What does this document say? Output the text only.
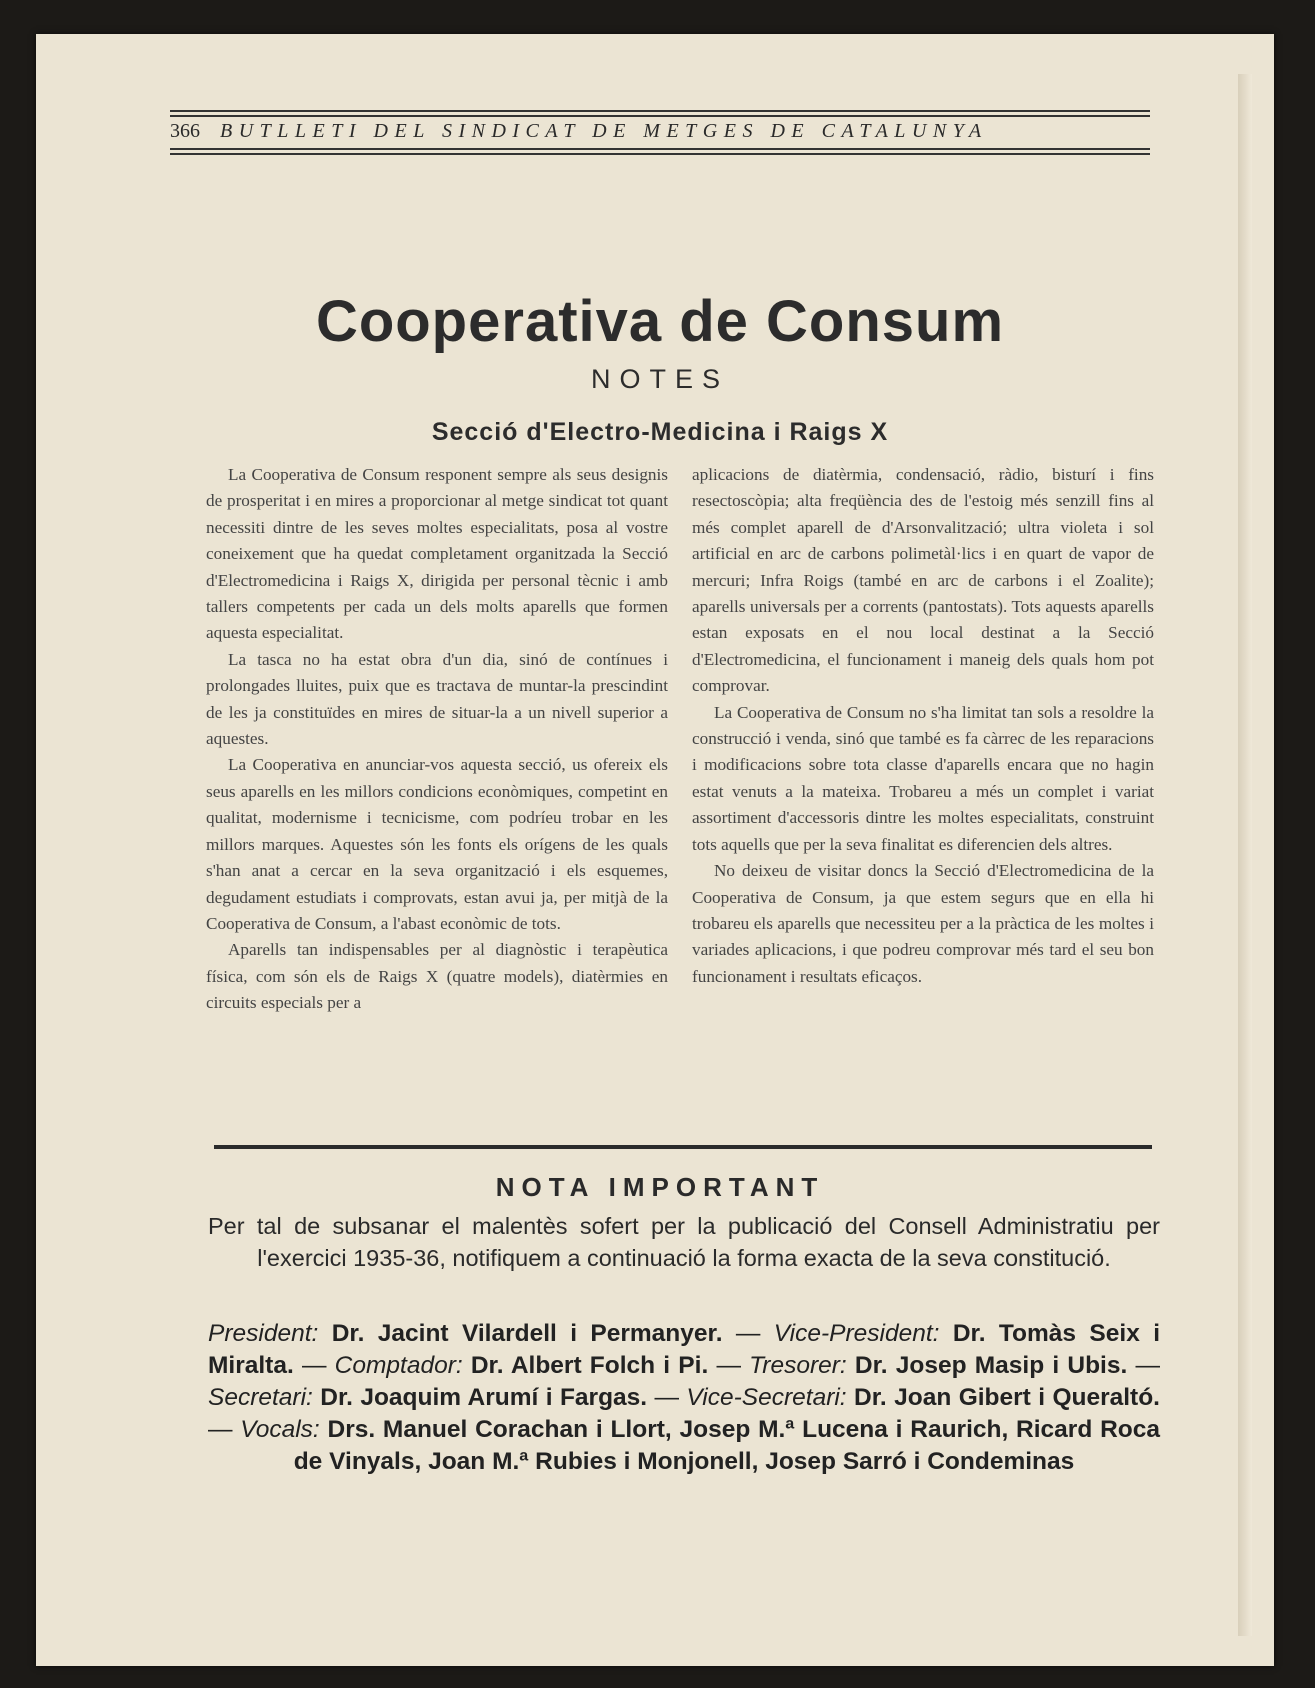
366	BUTLLETI DEL SINDICAT DE METGES DE CATALUNYA
Cooperativa de Consum
NOTES
Secció d'Electro-Medicina i Raigs X

La Cooperativa de Consum responent sempre als seus designis de prosperitat i en mires a proporcionar al metge sindicat tot quant necessiti dintre de les seves moltes especialitats, posa al vostre coneixement que ha quedat completament organitzada la Secció d'Electromedicina i Raigs X, dirigida per personal tècnic i amb tallers competents per cada un dels molts aparells que formen aquesta especialitat.

La tasca no ha estat obra d'un dia, sinó de contínues i prolongades lluites, puix que es tractava de muntar-la prescindint de les ja constituïdes en mires de situar-la a un nivell superior a aquestes.

La Cooperativa en anunciar-vos aquesta secció, us ofereix els seus aparells en les millors condicions econòmiques, competint en qualitat, modernisme i tecnicisme, com podríeu trobar en les millors marques. Aquestes són les fonts els orígens de les quals s'han anat a cercar en la seva organització i els esquemes, degudament estudiats i comprovats, estan avui ja, per mitjà de la Cooperativa de Consum, a l'abast econòmic de tots.

Aparells tan indispensables per al diagnòstic i terapèutica física, com són els de Raigs X (quatre models), diatèrmies en circuits especials per a

aplicacions de diatèrmia, condensació, ràdio, bisturí i fins resectoscòpia; alta freqüència des de l'estoig més senzill fins al més complet aparell de d'Arsonvalització; ultra violeta i sol artificial en arc de carbons polimetàl·lics i en quart de vapor de mercuri; Infra Roigs (també en arc de carbons i el Zoalite); aparells universals per a corrents (pantostats). Tots aquests aparells estan exposats en el nou local destinat a la Secció d'Electromedicina, el funcionament i maneig dels quals hom pot comprovar.

La Cooperativa de Consum no s'ha limitat tan sols a resoldre la construcció i venda, sinó que també es fa càrrec de les reparacions i modificacions sobre tota classe d'aparells encara que no hagin estat venuts a la mateixa. Trobareu a més un complet i variat assortiment d'accessoris dintre les moltes especialitats, construint tots aquells que per la seva finalitat es diferencien dels altres.

No deixeu de visitar doncs la Secció d'Electromedicina de la Cooperativa de Consum, ja que estem segurs que en ella hi trobareu els aparells que necessiteu per a la pràctica de les moltes i variades aplicacions, i que podreu comprovar més tard el seu bon funcionament i resultats eficaços.

NOTA IMPORTANT
Per tal de subsanar el malentès sofert per la publicació del Consell Administratiu per l'exercici 1935-36, notifiquem a continuació la forma exacta de la seva constitució.
President: Dr. Jacint Vilardell i Permanyer. — Vice-President: Dr. Tomàs Seix i Miralta. — Comptador: Dr. Albert Folch i Pi. — Tresorer: Dr. Josep Masip i Ubis. — Secretari: Dr. Joaquim Arumí i Fargas. — Vice-Secretari: Dr. Joan Gibert i Queraltó. — Vocals: Drs. Manuel Corachan i Llort, Josep M.ª Lucena i Raurich, Ricard Roca de Vinyals, Joan M.ª Rubies i Monjonell, Josep Sarró i Condeminas
